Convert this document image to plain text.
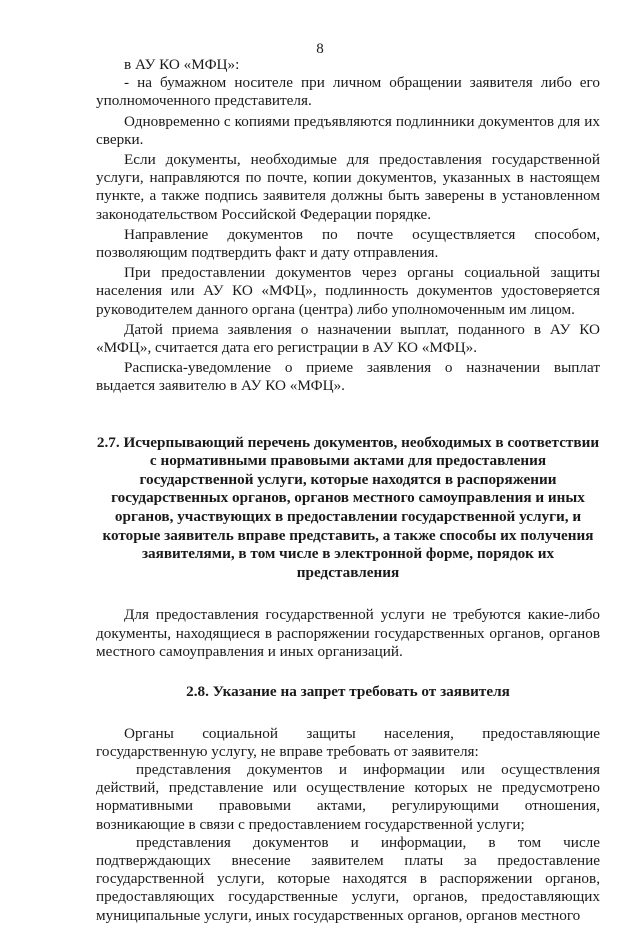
8

в АУ КО «МФЦ»:

- на бумажном носителе при личном обращении заявителя либо его уполномоченного представителя.

Одновременно с копиями предъявляются подлинники документов для их сверки.

Если документы, необходимые для предоставления государственной услуги, направляются по почте, копии документов, указанных в настоящем пункте, а также подпись заявителя должны быть заверены в установленном законодательством Российской Федерации порядке.

Направление документов по почте осуществляется способом, позволяющим подтвердить факт и дату отправления.

При предоставлении документов через органы социальной защиты населения или АУ КО «МФЦ», подлинность документов удостоверяется руководителем данного органа (центра) либо уполномоченным им лицом.

Датой приема заявления о назначении выплат, поданного в АУ КО «МФЦ», считается дата его регистрации в АУ КО «МФЦ».

Расписка-уведомление о приеме заявления о назначении выплат выдается заявителю в АУ КО «МФЦ».

2.7. Исчерпывающий перечень документов, необходимых в соответствии с нормативными правовыми актами для предоставления государственной услуги, которые находятся в распоряжении государственных органов, органов местного самоуправления и иных органов, участвующих в предоставлении государственной услуги, и которые заявитель вправе представить, а также способы их получения заявителями, в том числе в электронной форме, порядок их представления

Для предоставления государственной услуги не требуются какие-либо документы, находящиеся в распоряжении государственных органов, органов местного самоуправления и иных организаций.

2.8. Указание на запрет требовать от заявителя

Органы социальной защиты населения, предоставляющие государственную услугу, не вправе требовать от заявителя:

представления документов и информации или осуществления действий, представление или осуществление которых не предусмотрено нормативными правовыми актами, регулирующими отношения, возникающие в связи с предоставлением государственной услуги;

представления документов и информации, в том числе подтверждающих внесение заявителем платы за предоставление государственной услуги, которые находятся в распоряжении органов, предоставляющих государственные услуги, органов, предоставляющих муниципальные услуги, иных государственных органов, органов местного
